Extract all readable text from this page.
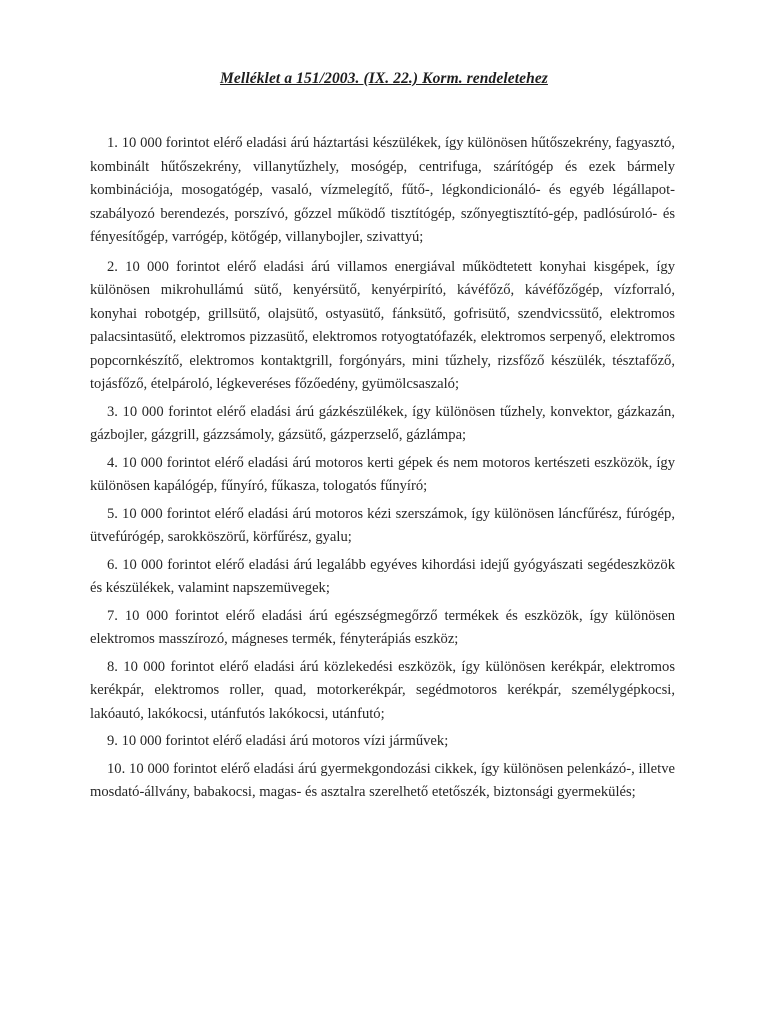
Melléklet a 151/2003. (IX. 22.) Korm. rendeletehez

1. 10 000 forintot elérő eladási árú háztartási készülékek, így különösen hűtőszekrény, fagyasztó, kombinált hűtőszekrény, villanytűzhely, mosógép, centrifuga, szárítógép és ezek bármely kombinációja, mosogatógép, vasaló, vízmelegítő, fűtő-, légkondicionáló- és egyéb légállapot-szabályozó berendezés, porszívó, gőzzel működő tisztítógép, szőnyegtisztító-gép, padlósúroló- és fényesítőgép, varrógép, kötőgép, villanybojler, szivattyú;

2. 10 000 forintot elérő eladási árú villamos energiával működtetett konyhai kisgépek, így különösen mikrohullámú sütő, kenyérsütő, kenyérpirító, kávéfőző, kávéfőzőgép, vízforraló, konyhai robotgép, grillsütő, olajsütő, ostyasütő, fánksütő, gofrisütő, szendvicssütő, elektromos palacsintasütő, elektromos pizzasütő, elektromos rotyogtatófazék, elektromos serpenyő, elektromos popcornkészítő, elektromos kontaktgrill, forgónyárs, mini tűzhely, rizsfőző készülék, tésztafőző, tojásfőző, ételpároló, légkeveréses főzőedény, gyümölcsaszaló;

3. 10 000 forintot elérő eladási árú gázkészülékek, így különösen tűzhely, konvektor, gázkazán, gázbojler, gázgrill, gázzsámoly, gázsütő, gázperzselő, gázlámpa;

4. 10 000 forintot elérő eladási árú motoros kerti gépek és nem motoros kertészeti eszközök, így különösen kapálógép, fűnyíró, fűkasza, tologatós fűnyíró;

5. 10 000 forintot elérő eladási árú motoros kézi szerszámok, így különösen láncfűrész, fúrógép, ütvefúrógép, sarokköszörű, körfűrész, gyalu;

6. 10 000 forintot elérő eladási árú legalább egyéves kihordási idejű gyógyászati segédeszközök és készülékek, valamint napszemüvegek;

7. 10 000 forintot elérő eladási árú egészségmegőrző termékek és eszközök, így különösen elektromos masszírozó, mágneses termék, fényterápiás eszköz;

8. 10 000 forintot elérő eladási árú közlekedési eszközök, így különösen kerékpár, elektromos kerékpár, elektromos roller, quad, motorkerékpár, segédmotoros kerékpár, személygépkocsi, lakóautó, lakókocsi, utánfutós lakókocsi, utánfutó;

9. 10 000 forintot elérő eladási árú motoros vízi járművek;

10. 10 000 forintot elérő eladási árú gyermekgondozási cikkek, így különösen pelenkázó-, illetve mosdató-állvány, babakocsi, magas- és asztalra szerelhető etetőszék, biztonsági gyermekülés;
